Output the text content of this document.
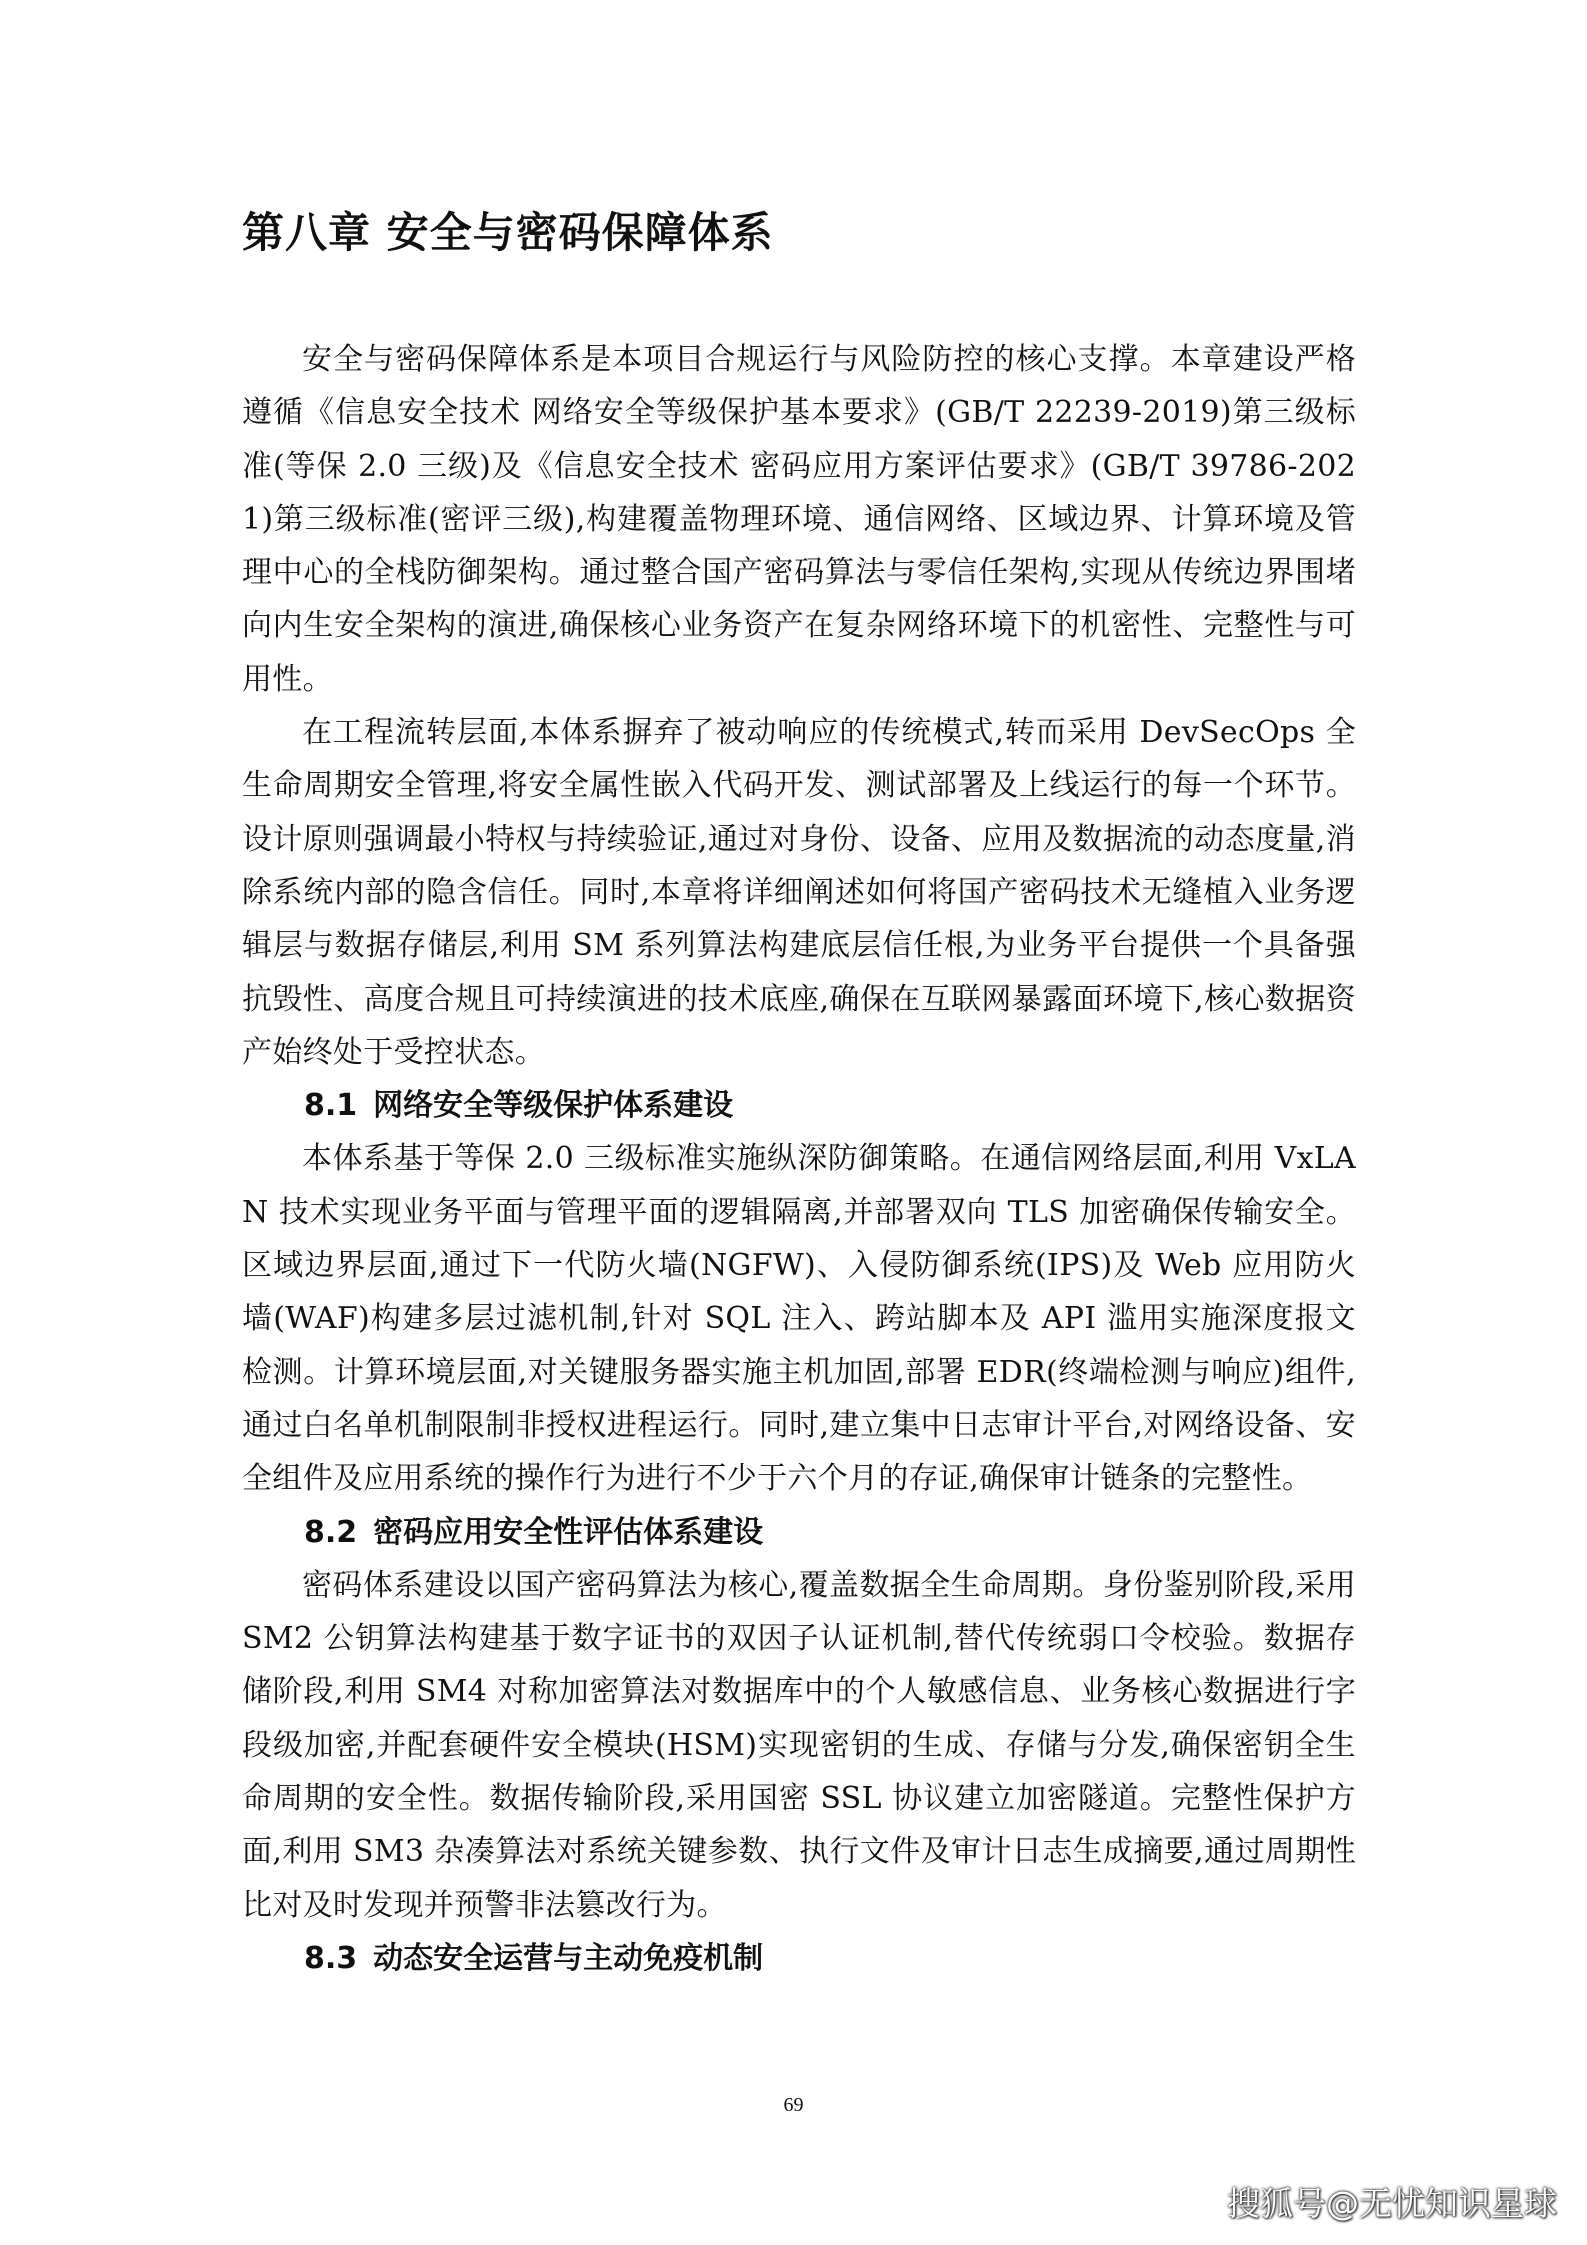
第八章 安全与密码保障体系

安全与密码保障体系是本项目合规运行与风险防控的核心支撑。本章建设严格遵循《信息安全技术 网络安全等级保护基本要求》(GB/T 22239-2019)第三级标准(等保 2.0 三级)及《信息安全技术 密码应用方案评估要求》(GB/T 39786-2021)第三级标准(密评三级),构建覆盖物理环境、通信网络、区域边界、计算环境及管理中心的全栈防御架构。通过整合国产密码算法与零信任架构,实现从传统边界围堵向内生安全架构的演进,确保核心业务资产在复杂网络环境下的机密性、完整性与可用性。

在工程流转层面,本体系摒弃了被动响应的传统模式,转而采用 DevSecOps 全生命周期安全管理,将安全属性嵌入代码开发、测试部署及上线运行的每一个环节。设计原则强调最小特权与持续验证,通过对身份、设备、应用及数据流的动态度量,消除系统内部的隐含信任。同时,本章将详细阐述如何将国产密码技术无缝植入业务逻辑层与数据存储层,利用 SM 系列算法构建底层信任根,为业务平台提供一个具备强抗毁性、高度合规且可持续演进的技术底座,确保在互联网暴露面环境下,核心数据资产始终处于受控状态。

8.1 网络安全等级保护体系建设

本体系基于等保 2.0 三级标准实施纵深防御策略。在通信网络层面,利用 VxLAN 技术实现业务平面与管理平面的逻辑隔离,并部署双向 TLS 加密确保传输安全。区域边界层面,通过下一代防火墙(NGFW)、入侵防御系统(IPS)及 Web 应用防火墙(WAF)构建多层过滤机制,针对 SQL 注入、跨站脚本及 API 滥用实施深度报文检测。计算环境层面,对关键服务器实施主机加固,部署 EDR(终端检测与响应)组件,通过白名单机制限制非授权进程运行。同时,建立集中日志审计平台,对网络设备、安全组件及应用系统的操作行为进行不少于六个月的存证,确保审计链条的完整性。

8.2 密码应用安全性评估体系建设

密码体系建设以国产密码算法为核心,覆盖数据全生命周期。身份鉴别阶段,采用 SM2 公钥算法构建基于数字证书的双因子认证机制,替代传统弱口令校验。数据存储阶段,利用 SM4 对称加密算法对数据库中的个人敏感信息、业务核心数据进行字段级加密,并配套硬件安全模块(HSM)实现密钥的生成、存储与分发,确保密钥全生命周期的安全性。数据传输阶段,采用国密 SSL 协议建立加密隧道。完整性保护方面,利用 SM3 杂凑算法对系统关键参数、执行文件及审计日志生成摘要,通过周期性比对及时发现并预警非法篡改行为。

8.3 动态安全运营与主动免疫机制
69
搜狐号@无忧知识星球
